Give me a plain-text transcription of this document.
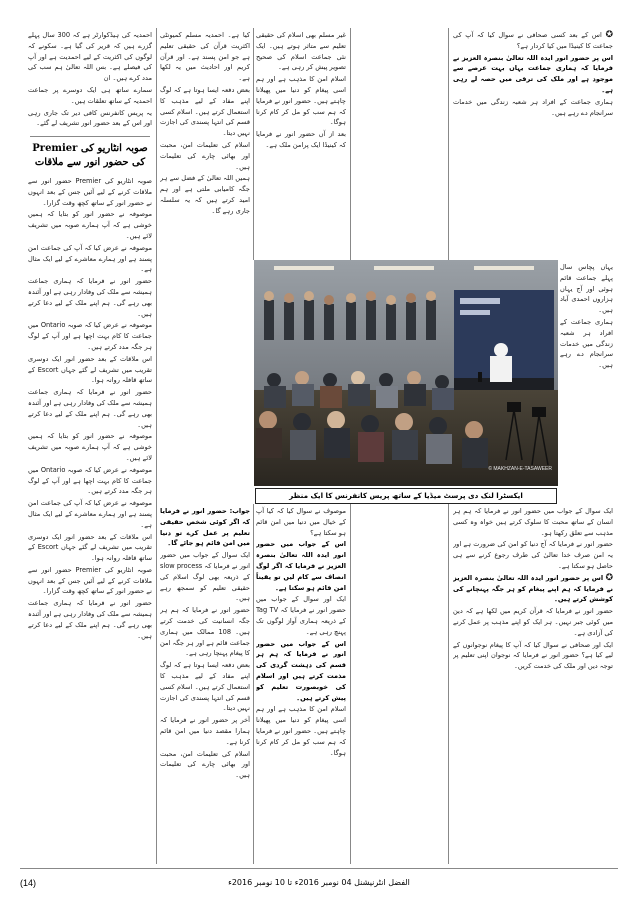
احمدیہ کی ہیڈکوارٹر ہے کہ 300 سال پہلے گزرے ہیں کہ قریر کی گیا ہے۔ سکونے کہ لوگوں کی اکثریت کے لیے احمدیت ہے اور آپ کی فیصلے ہے۔ بس اللہ تعالیٰ ہم سب کی مدد کرے ہیں۔ ان

سمارے ساتھ ہی ایک دوسرے پر جماعت احمدیہ کے ساتھ تعلقات ہیں۔

یہ پریس کانفرنس کافی دیر تک جاری رہی اور اس کے بعد حضور انور تشریف لے گئے۔

صوبہ انٹاریو کی Premier کی حضور انور سے ملاقات

صوبہ انٹاریو کی Premier حضور انور سے ملاقات کرنے کے لیے آئیں جس کے بعد انہوں نے حضور انور کے ساتھ کچھ وقت گزارا۔

موصوفہ نے حضور انور کو بتایا کہ ہمیں خوشی ہے کہ آپ ہمارے صوبہ میں تشریف لائے ہیں۔

موصوفہ نے عرض کیا کہ آپ کی جماعت امن پسند ہے اور ہمارے معاشرے کے لیے ایک مثال ہے۔

حضور انور نے فرمایا کہ ہماری جماعت ہمیشہ سے ملک کی وفادار رہی ہے اور آئندہ بھی رہے گی۔ ہم اپنے ملک کے لیے دعا کرتے ہیں۔

موصوفہ نے عرض کیا کہ صوبہ Ontario میں جماعت کا کام بہت اچھا ہے اور آپ کے لوگ ہر جگہ مدد کرتے ہیں۔

اس ملاقات کے بعد حضور انور ایک دوسری تقریب میں تشریف لے گئے جہاں Escort کے ساتھ قافلہ روانہ ہوا۔

حضور انور نے فرمایا کہ ہماری جماعت ہمیشہ سے ملک کی وفادار رہی ہے اور آئندہ بھی رہے گی۔ ہم اپنے ملک کے لیے دعا کرتے ہیں۔

موصوفہ نے حضور انور کو بتایا کہ ہمیں خوشی ہے کہ آپ ہمارے صوبہ میں تشریف لائے ہیں۔

موصوفہ نے عرض کیا کہ صوبہ Ontario میں جماعت کا کام بہت اچھا ہے اور آپ کے لوگ ہر جگہ مدد کرتے ہیں۔

موصوفہ نے عرض کیا کہ آپ کی جماعت امن پسند ہے اور ہمارے معاشرے کے لیے ایک مثال ہے۔

اس ملاقات کے بعد حضور انور ایک دوسری تقریب میں تشریف لے گئے جہاں Escort کے ساتھ قافلہ روانہ ہوا۔

صوبہ انٹاریو کی Premier حضور انور سے ملاقات کرنے کے لیے آئیں جس کے بعد انہوں نے حضور انور کے ساتھ کچھ وقت گزارا۔

حضور انور نے فرمایا کہ ہماری جماعت ہمیشہ سے ملک کی وفادار رہی ہے اور آئندہ بھی رہے گی۔ ہم اپنے ملک کے لیے دعا کرتے ہیں۔

کیا ہے۔ احمدیہ مسلم کمیونٹی اکثریت قرآن کی حقیقی تعلیم ہے جو امن پسند ہے۔ اور قرآن کریم اور احادیث میں یہ لکھا ہے۔

بعض دفعہ ایسا ہوتا ہے کہ لوگ اپنے مفاد کے لیے مذہب کا استعمال کرتے ہیں۔ اسلام کسی قسم کی انتہا پسندی کی اجازت نہیں دیتا۔

اسلام کی تعلیمات امن، محبت اور بھائی چارے کی تعلیمات ہیں۔

ہمیں اللہ تعالیٰ کے فضل سے ہر جگہ کامیابی ملتی ہے اور ہم امید کرتے ہیں کہ یہ سلسلہ جاری رہے گا۔

جواب: حضور انور نے فرمایا کہ اگر کوئی شخص حقیقی تعلیم پر عمل کرے تو دنیا میں امن قائم ہو جائے گا۔

ایک سوال کے جواب میں حضور انور نے فرمایا کہ slow process کے ذریعہ بھی لوگ اسلام کی حقیقی تعلیم کو سمجھ رہے ہیں۔

حضور انور نے فرمایا کہ ہم ہر جگہ انسانیت کی خدمت کرتے ہیں۔ 108 ممالک میں ہماری جماعت قائم ہے اور ہر جگہ امن کا پیغام پہنچا رہی ہے۔

بعض دفعہ ایسا ہوتا ہے کہ لوگ اپنے مفاد کے لیے مذہب کا استعمال کرتے ہیں۔ اسلام کسی قسم کی انتہا پسندی کی اجازت نہیں دیتا۔

آخر پر حضور انور نے فرمایا کہ ہمارا مقصد دنیا میں امن قائم کرنا ہے۔

اسلام کی تعلیمات امن، محبت اور بھائی چارے کی تعلیمات ہیں۔

غیر مسلم بھی اسلام کی حقیقی تعلیم سے متاثر ہوتے ہیں۔ ایک نئی جماعت اسلام کی صحیح تصویر پیش کر رہی ہے۔

اسلام امن کا مذہب ہے اور ہم اسی پیغام کو دنیا میں پھیلانا چاہتے ہیں۔ حضور انور نے فرمایا کہ ہم سب کو مل کر کام کرنا ہوگا۔

بعد از آں حضور انور نے فرمایا کہ کینیڈا ایک پرامن ملک ہے۔

موصوف نے سوال کیا کہ کیا آپ کے خیال میں دنیا میں امن قائم ہو سکتا ہے؟

اس کے جواب میں حضور انور ایدہ اللہ تعالیٰ بنصرہ العزیز نے فرمایا کہ اگر لوگ انصاف سے کام لیں تو یقیناً امن قائم ہو سکتا ہے۔

ایک اور سوال کے جواب میں حضور انور نے فرمایا کہ Tag TV کے ذریعہ ہماری آواز لوگوں تک پہنچ رہی ہے۔

اس کے جواب میں حضور انور نے فرمایا کہ ہم ہر قسم کی دہشت گردی کی مذمت کرتے ہیں اور اسلام کی خوبصورت تعلیم کو پیش کرتے ہیں۔

اسلام امن کا مذہب ہے اور ہم اسی پیغام کو دنیا میں پھیلانا چاہتے ہیں۔ حضور انور نے فرمایا کہ ہم سب کو مل کر کام کرنا ہوگا۔

✪ اس کے بعد کسی صحافی نے سوال کیا کہ آپ کی جماعت کا کینیڈا میں کیا کردار ہے؟

اس پر حضور انور ایدہ اللہ تعالیٰ بنصرہ العزیز نے فرمایا کہ ہماری جماعت یہاں بہت عرصے سے موجود ہے اور ملک کی ترقی میں حصہ لے رہی ہے۔

ہماری جماعت کے افراد ہر شعبہ زندگی میں خدمات سرانجام دے رہے ہیں۔

یہاں پچاس سال پہلے جماعت قائم ہوئی اور آج یہاں ہزاروں احمدی آباد ہیں۔

ہماری جماعت کے افراد ہر شعبہ زندگی میں خدمات سرانجام دے رہے ہیں۔

ایک سوال کے جواب میں حضور انور نے فرمایا کہ ہم ہر انسان کے ساتھ محبت کا سلوک کرتے ہیں خواہ وہ کسی مذہب سے تعلق رکھتا ہو۔

حضور انور نے فرمایا کہ آج دنیا کو امن کی ضرورت ہے اور یہ امن صرف خدا تعالیٰ کی طرف رجوع کرنے سے ہی حاصل ہو سکتا ہے۔

✪ اس پر حضور انور ایدہ اللہ تعالیٰ بنصرہ العزیز نے فرمایا کہ ہم اپنے پیغام کو ہر جگہ پہنچانے کی کوشش کرتے ہیں۔

حضور انور نے فرمایا کہ قرآن کریم میں لکھا ہے کہ دین میں کوئی جبر نہیں۔ ہر ایک کو اپنے مذہب پر عمل کرنے کی آزادی ہے۔

ایک اور صحافی نے سوال کیا کہ آپ کا پیغام نوجوانوں کے لیے کیا ہے؟ حضور انور نے فرمایا کہ نوجوان اپنی تعلیم پر توجہ دیں اور ملک کی خدمت کریں۔

© MAKHZAN-E-TASAWEER
ایکسٹرا لنک دی پرسٹ میڈیا کے ساتھ پریس کانفرنس کا ایک منظر
الفضل انٹرنیشنل 04 نومبر 2016ء تا 10 نومبر 2016ء
(14)
